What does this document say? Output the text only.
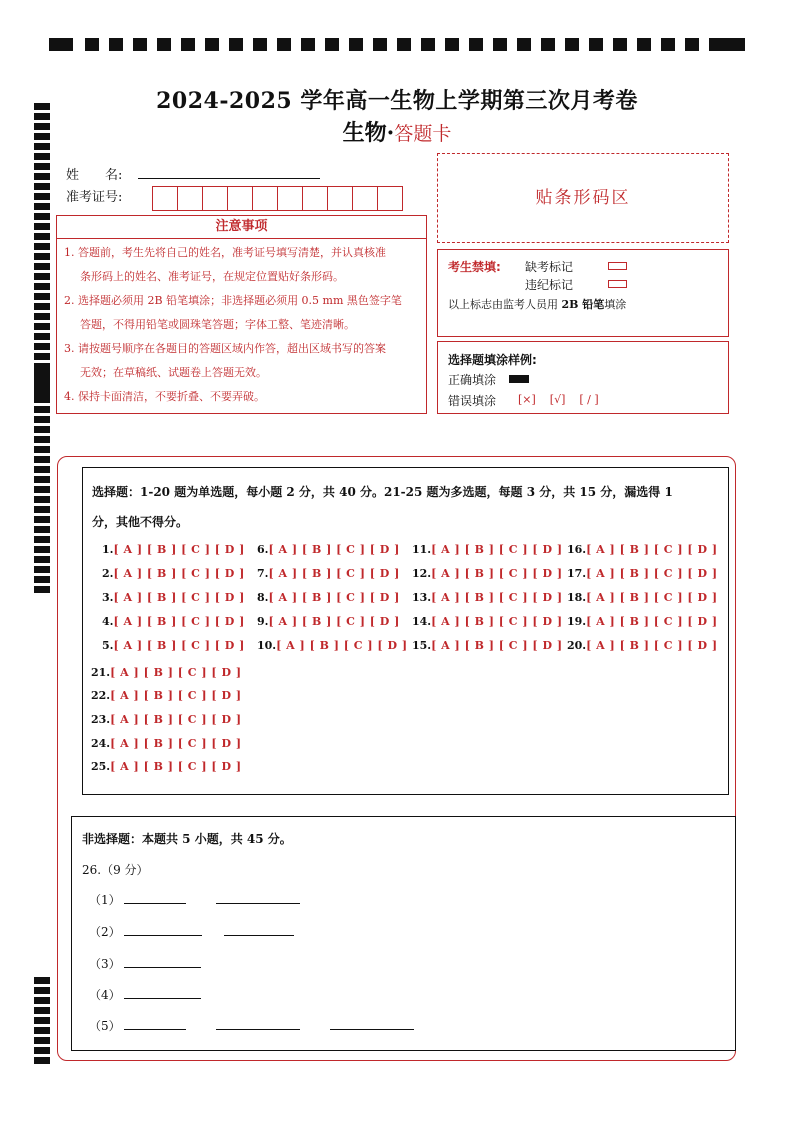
2024-2025 学年高一生物上学期第三次月考卷
生物·答题卡
姓　　名:
准考证号:
注意事项

1. 答题前，考生先将自己的姓名，准考证号填写清楚，并认真核准

条形码上的姓名、准考证号，在规定位置贴好条形码。

2. 选择题必须用 2B 铅笔填涂；非选择题必须用 0.5 mm 黑色签字笔

答题，不得用铅笔或圆珠笔答题；字体工整、笔迹清晰。

3. 请按题号顺序在各题目的答题区域内作答，超出区域书写的答案

无效；在草稿纸、试题卷上答题无效。

4. 保持卡面清洁，不要折叠、不要弄破。

贴条形码区
考生禁填: 缺考标记
违纪标记
以上标志由监考人员用 2B 铅笔填涂
选择题填涂样例:
正确填涂
错误填涂 [×]    [√]    [ / ]
选择题：1-20 题为单选题，每小题 2 分，共 40 分。21-25 题为多选题，每题 3 分，共 15 分，漏选得 1
分，其他不得分。
1.[ A ] [ B ] [ C ] [ D ]
2.[ A ] [ B ] [ C ] [ D ]
3.[ A ] [ B ] [ C ] [ D ]
4.[ A ] [ B ] [ C ] [ D ]
5.[ A ] [ B ] [ C ] [ D ]
6.[ A ] [ B ] [ C ] [ D ]
7.[ A ] [ B ] [ C ] [ D ]
8.[ A ] [ B ] [ C ] [ D ]
9.[ A ] [ B ] [ C ] [ D ]
10.[ A ] [ B ] [ C ] [ D ]
11.[ A ] [ B ] [ C ] [ D ]
12.[ A ] [ B ] [ C ] [ D ]
13.[ A ] [ B ] [ C ] [ D ]
14.[ A ] [ B ] [ C ] [ D ]
15.[ A ] [ B ] [ C ] [ D ]
16.[ A ] [ B ] [ C ] [ D ]
17.[ A ] [ B ] [ C ] [ D ]
18.[ A ] [ B ] [ C ] [ D ]
19.[ A ] [ B ] [ C ] [ D ]
20.[ A ] [ B ] [ C ] [ D ]
21.[ A ] [ B ] [ C ] [ D ]
22.[ A ] [ B ] [ C ] [ D ]
23.[ A ] [ B ] [ C ] [ D ]
24.[ A ] [ B ] [ C ] [ D ]
25.[ A ] [ B ] [ C ] [ D ]
非选择题：本题共 5 小题，共 45 分。
26.（9 分）
（1）
（2）
（3）
（4）
（5）
